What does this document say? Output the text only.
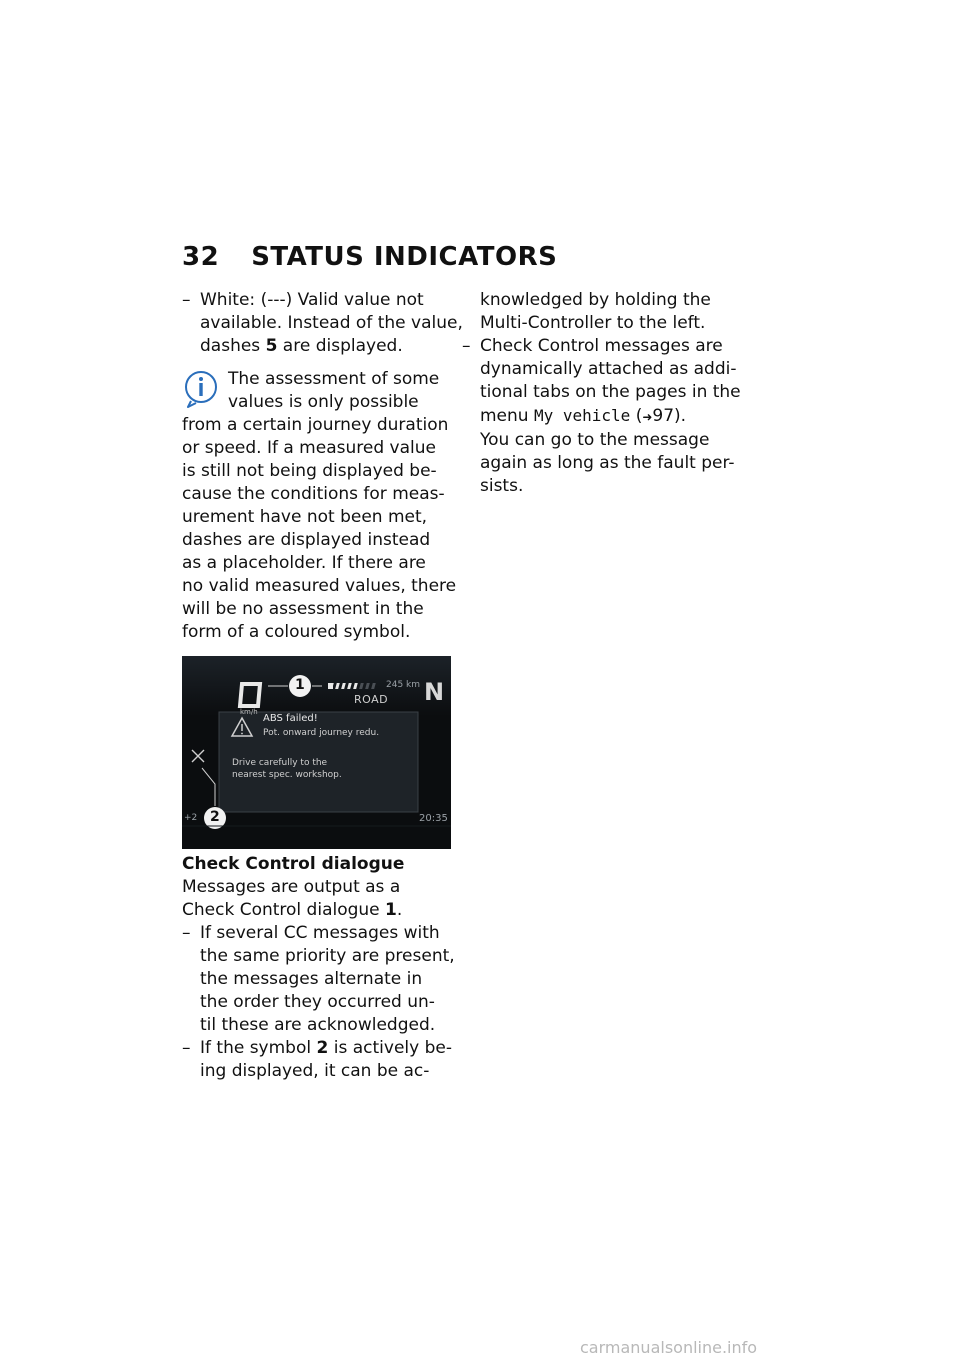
32 STATUS INDICATORS
– White: (---) Valid value not
available. Instead of the value,
dashes 5 are displayed.
The assessment of some
values is only possible
from a certain journey duration
or speed. If a measured value
is still not being displayed be-
cause the conditions for meas-
urement have not been met,
dashes are displayed instead
as a placeholder. If there are
no valid measured values, there
will be no assessment in the
form of a coloured symbol.
km/h
245 km
ROAD N
ABS failed!
Pot. onward journey redu.
Drive carefully to the
nearest spec. workshop.
+2	20:35
1
2
Check Control dialogue
Messages are output as a
Check Control dialogue 1.
– If several CC messages with
the same priority are present,
the messages alternate in
the order they occurred un-
til these are acknowledged.
– If the symbol 2 is actively be-
ing displayed, it can be ac-
knowledged by holding the
Multi-Controller to the left.
– Check Control messages are
dynamically attached as addi-
tional tabs on the pages in the
menu My vehicle (➜97).
You can go to the message
again as long as the fault per-
sists.
carmanualsonline.info
